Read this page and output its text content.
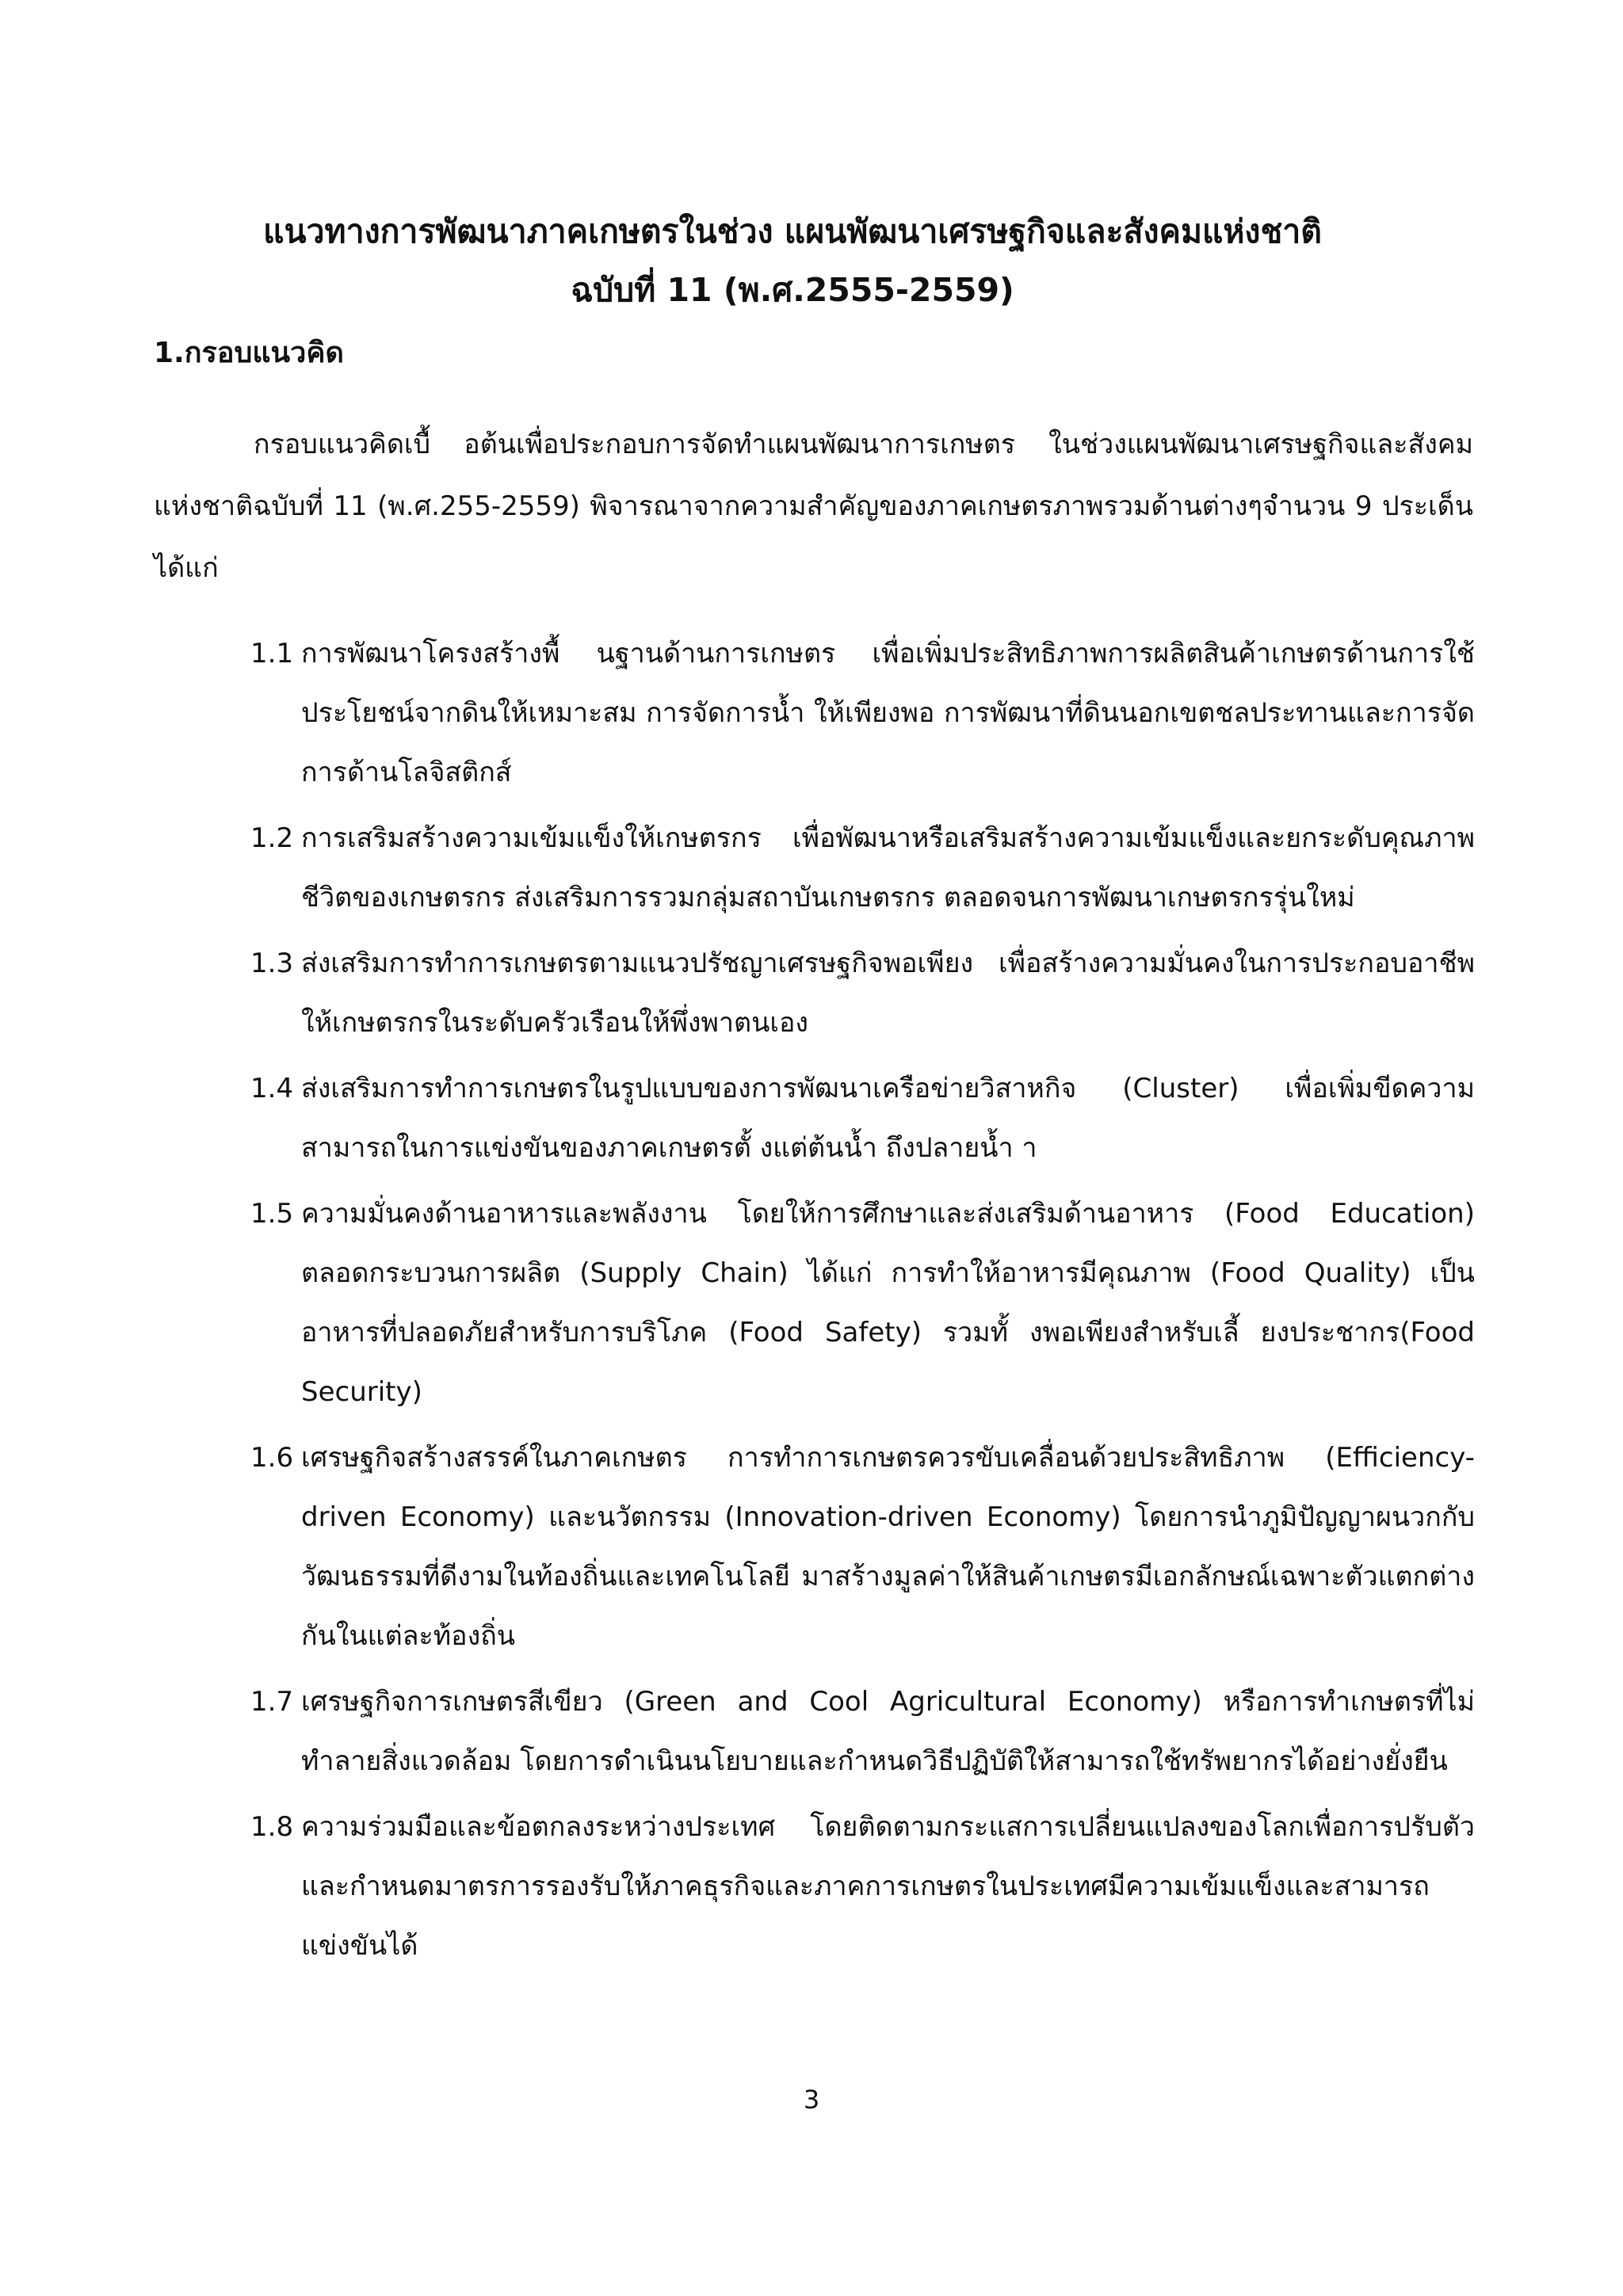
แนวทางการพัฒนาภาคเกษตรในช่วง แผนพัฒนาเศรษฐกิจและสังคมแห่งชาติ
ฉบับที่ 11 (พ.ศ.2555-2559)
1.กรอบแนวคิด

กรอบแนวคิดเบื้ อต้นเพื่อประกอบการจัดทำแผนพัฒนาการเกษตร ในช่วงแผนพัฒนาเศรษฐกิจและสังคม แห่งชาติฉบับที่ 11 (พ.ศ.255-2559) พิจารณาจากความสำคัญของภาคเกษตรภาพรวมด้านต่างๆจำนวน 9 ประเด็น ได้แก่

1.1 การพัฒนาโครงสร้างพื้ นฐานด้านการเกษตร เพื่อเพิ่มประสิทธิภาพการผลิตสินค้าเกษตรด้านการใช้ประโยชน์จากดินให้เหมาะสม การจัดการน้ำ ให้เพียงพอ การพัฒนาที่ดินนอกเขตชลประทานและการจัดการด้านโลจิสติกส์
1.2 การเสริมสร้างความเข้มแข็งให้เกษตรกร เพื่อพัฒนาหรือเสริมสร้างความเข้มแข็งและยกระดับคุณภาพชีวิตของเกษตรกร ส่งเสริมการรวมกลุ่มสถาบันเกษตรกร ตลอดจนการพัฒนาเกษตรกรรุ่นใหม่
1.3 ส่งเสริมการทำการเกษตรตามแนวปรัชญาเศรษฐกิจพอเพียง เพื่อสร้างความมั่นคงในการประกอบอาชีพให้เกษตรกรในระดับครัวเรือนให้พึ่งพาตนเอง
1.4 ส่งเสริมการทำการเกษตรในรูปแบบของการพัฒนาเครือข่ายวิสาหกิจ (Cluster) เพื่อเพิ่มขีดความสามารถในการแข่งขันของภาคเกษตรตั้ งแต่ต้นน้ำ ถึงปลายน้ำ า
1.5 ความมั่นคงด้านอาหารและพลังงาน โดยให้การศึกษาและส่งเสริมด้านอาหาร (Food Education) ตลอดกระบวนการผลิต (Supply Chain) ได้แก่ การทำให้อาหารมีคุณภาพ (Food Quality) เป็นอาหารที่ปลอดภัยสำหรับการบริโภค (Food Safety) รวมทั้ งพอเพียงสำหรับเลี้ ยงประชากร(Food Security)
1.6 เศรษฐกิจสร้างสรรค์ในภาคเกษตร การทำการเกษตรควรขับเคลื่อนด้วยประสิทธิภาพ (Efficiency-driven Economy) และนวัตกรรม (Innovation-driven Economy) โดยการนำภูมิปัญญาผนวกกับวัฒนธรรมที่ดีงามในท้องถิ่นและเทคโนโลยี มาสร้างมูลค่าให้สินค้าเกษตรมีเอกลักษณ์เฉพาะตัวแตกต่างกันในแต่ละท้องถิ่น
1.7 เศรษฐกิจการเกษตรสีเขียว (Green and Cool Agricultural Economy) หรือการทำเกษตรที่ไม่ทำลายสิ่งแวดล้อม โดยการดำเนินนโยบายและกำหนดวิธีปฏิบัติให้สามารถใช้ทรัพยากรได้อย่างยั่งยืน
1.8 ความร่วมมือและข้อตกลงระหว่างประเทศ โดยติดตามกระแสการเปลี่ยนแปลงของโลกเพื่อการปรับตัวและกำหนดมาตรการรองรับให้ภาคธุรกิจและภาคการเกษตรในประเทศมีความเข้มแข็งและสามารถแข่งขันได้
3
